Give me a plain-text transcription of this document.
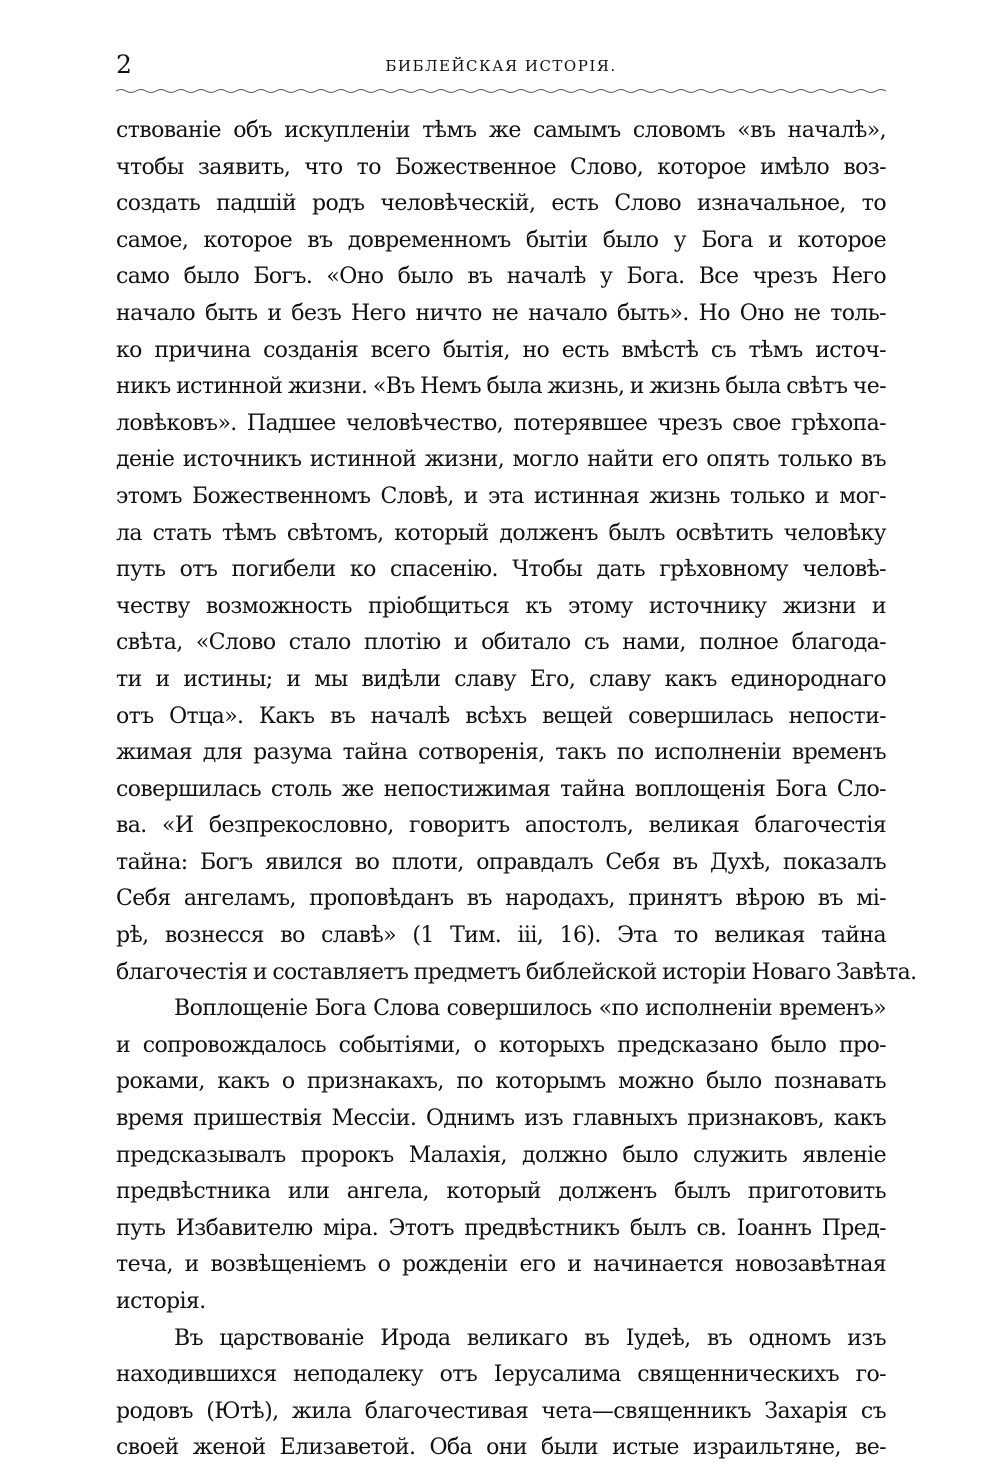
2	БИБЛЕЙСКАЯ ИСТОРІЯ.
ствованіе объ искупленіи тѣмъ же самымъ словомъ «въ началѣ»,
чтобы заявить, что то Божественное Слово, которое имѣло воз-
создать падшій родъ человѣческій, есть Слово изначальное, то
самое, которое въ довременномъ бытіи было у Бога и которое
само было Богъ. «Оно было въ началѣ у Бога. Все чрезъ Него
начало быть и безъ Него ничто не начало быть». Но Оно не толь-
ко причина созданія всего бытія, но есть вмѣстѣ съ тѣмъ источ-
никъ истинной жизни. «Въ Немъ была жизнь, и жизнь была свѣтъ че-
ловѣковъ». Падшее человѣчество, потерявшее чрезъ свое грѣхопа-
деніе источникъ истинной жизни, могло найти его опять только въ
этомъ Божественномъ Словѣ, и эта истинная жизнь только и мог-
ла стать тѣмъ свѣтомъ, который долженъ былъ освѣтить человѣку
путь отъ погибели ко спасенію. Чтобы дать грѣховному человѣ-
честву возможность пріобщиться къ этому источнику жизни и
свѣта, «Слово стало плотію и обитало съ нами, полное благода-
ти и истины; и мы видѣли славу Его, славу какъ единороднаго
отъ Отца». Какъ въ началѣ всѣхъ вещей совершилась непости-
жимая для разума тайна сотворенія, такъ по исполненіи временъ
совершилась столь же непостижимая тайна воплощенія Бога Сло-
ва. «И безпрекословно, говоритъ апостолъ, великая благочестія
тайна: Богъ явился во плоти, оправдалъ Себя въ Духѣ, показалъ
Себя ангеламъ, проповѣданъ въ народахъ, принятъ вѣрою въ мі-
рѣ, вознесся во славѣ» (1 Тим. iii, 16). Эта то великая тайна
благочестія и составляетъ предметъ библейской исторіи Новаго Завѣта.
Воплощеніе Бога Слова совершилось «по исполненіи временъ»
и сопровождалось событіями, о которыхъ предсказано было про-
роками, какъ о признакахъ, по которымъ можно было познавать
время пришествія Мессіи. Однимъ изъ главныхъ признаковъ, какъ
предсказывалъ пророкъ Малахія, должно было служить явленіе
предвѣстника или ангела, который долженъ былъ приготовить
путь Избавителю міра. Этотъ предвѣстникъ былъ св. Іоаннъ Пред-
теча, и возвѣщеніемъ о рожденіи его и начинается новозавѣтная
исторія.
Въ царствованіе Ирода великаго въ Іудеѣ, въ одномъ изъ
находившихся неподалеку отъ Іерусалима священническихъ го-
родовъ (Ютѣ), жила благочестивая чета—священникъ Захарія съ
своей женой Елизаветой. Оба они были истые израильтяне, ве-
